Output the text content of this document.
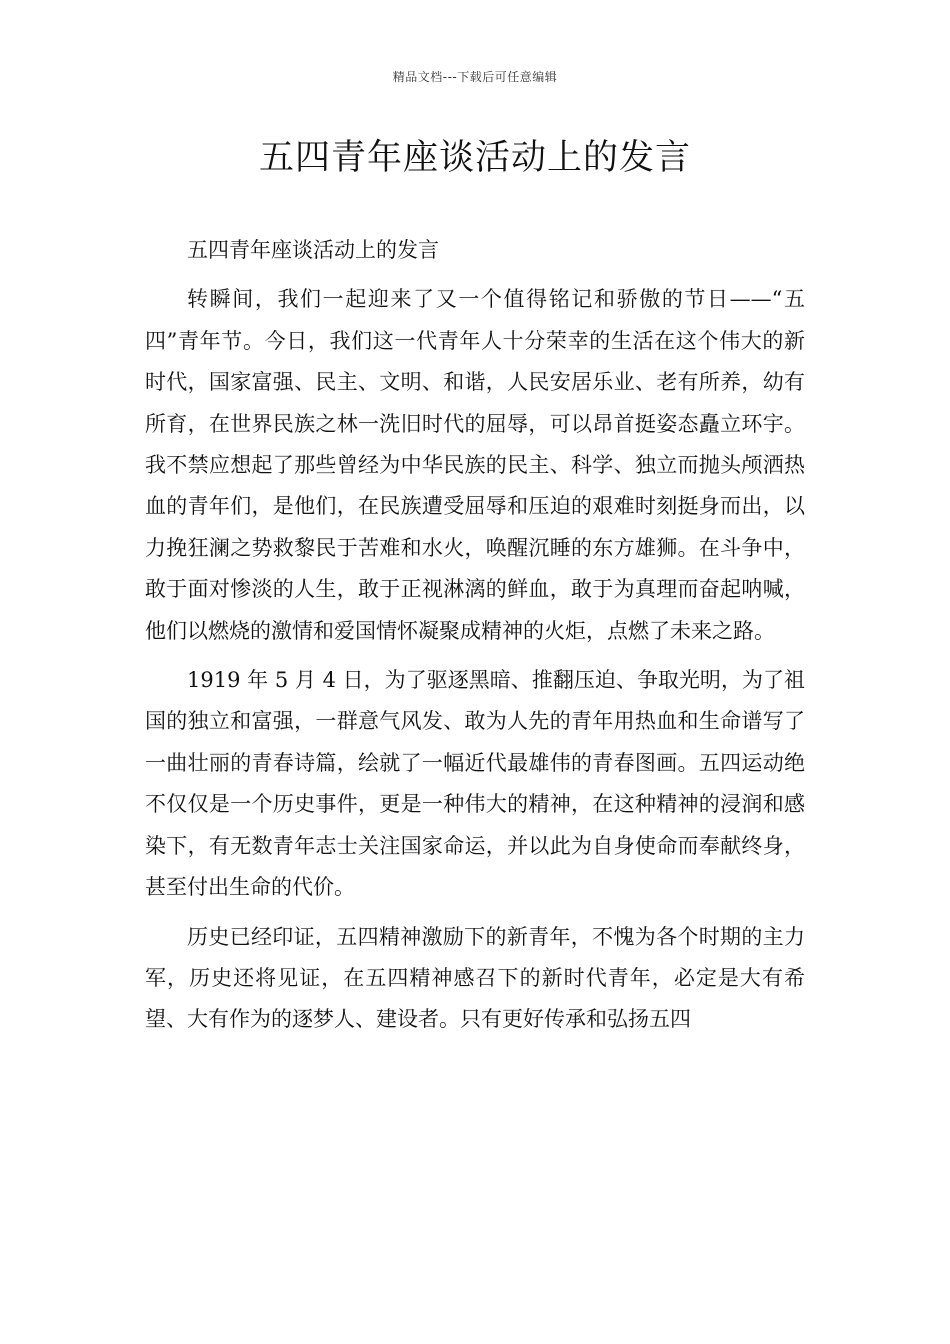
精品文档---下载后可任意编辑
五四青年座谈活动上的发言

五四青年座谈活动上的发言

转瞬间，我们一起迎来了又一个值得铭记和骄傲的节日——“五四”青年节。今日，我们这一代青年人十分荣幸的生活在这个伟大的新时代，国家富强、民主、文明、和谐，人民安居乐业、老有所养，幼有所育，在世界民族之林一洗旧时代的屈辱，可以昂首挺姿态矗立环宇。我不禁应想起了那些曾经为中华民族的民主、科学、独立而抛头颅洒热血的青年们，是他们，在民族遭受屈辱和压迫的艰难时刻挺身而出，以力挽狂澜之势救黎民于苦难和水火，唤醒沉睡的东方雄狮。在斗争中，敢于面对惨淡的人生，敢于正视淋漓的鲜血，敢于为真理而奋起呐喊，他们以燃烧的激情和爱国情怀凝聚成精神的火炬，点燃了未来之路。

1919 年 5 月 4 日，为了驱逐黑暗、推翻压迫、争取光明，为了祖国的独立和富强，一群意气风发、敢为人先的青年用热血和生命谱写了一曲壮丽的青春诗篇，绘就了一幅近代最雄伟的青春图画。五四运动绝不仅仅是一个历史事件，更是一种伟大的精神，在这种精神的浸润和感染下，有无数青年志士关注国家命运，并以此为自身使命而奉献终身，甚至付出生命的代价。

历史已经印证，五四精神激励下的新青年，不愧为各个时期的主力军，历史还将见证，在五四精神感召下的新时代青年，必定是大有希望、大有作为的逐梦人、建设者。只有更好传承和弘扬五四
